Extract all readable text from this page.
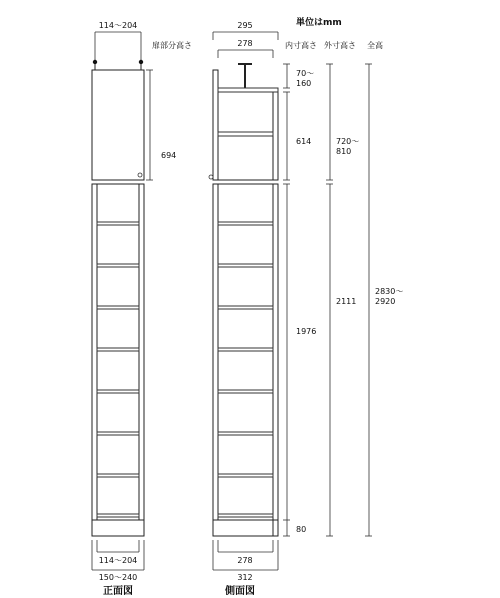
単位はmm
114～204
扉部分高さ
694
114～204
150～240
正面図
295
278
278
312
側面図
内寸高さ 外寸高さ 全高
70～
160
614
1976
80
720～
810
2111
2830～
2920
